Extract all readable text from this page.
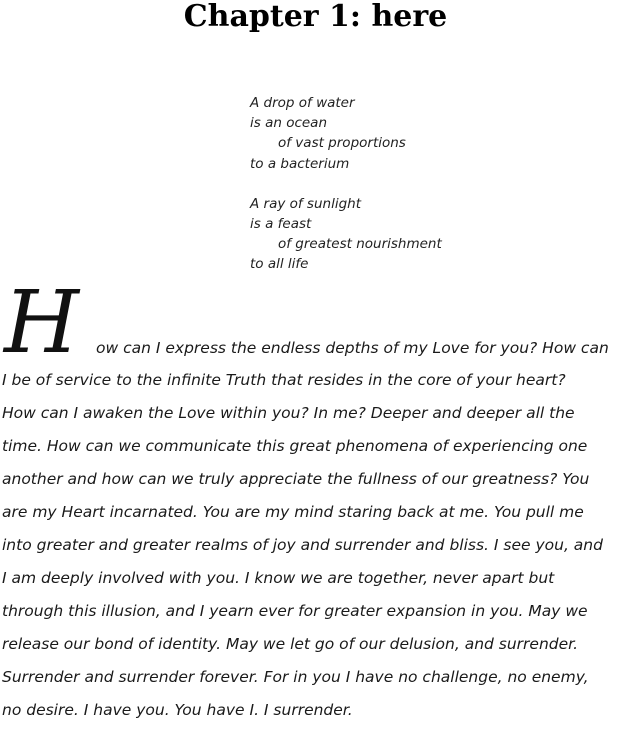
Chapter 1: here
A drop of water
is an ocean
of vast proportions
to a bacterium
A ray of sunlight
is a feast
of greatest nourishment
to all life
H ow can I express the endless depths of my Love for you? How can
I be of service to the infinite Truth that resides in the core of your heart?
How can I awaken the Love within you? In me? Deeper and deeper all the
time. How can we communicate this great phenomena of experiencing one
another and how can we truly appreciate the fullness of our greatness? You
are my Heart incarnated. You are my mind staring back at me. You pull me
into greater and greater realms of joy and surrender and bliss. I see you, and
I am deeply involved with you. I know we are together, never apart but
through this illusion, and I yearn ever for greater expansion in you. May we
release our bond of identity. May we let go of our delusion, and surrender.
Surrender and surrender forever. For in you I have no challenge, no enemy,
no desire. I have you. You have I. I surrender.
